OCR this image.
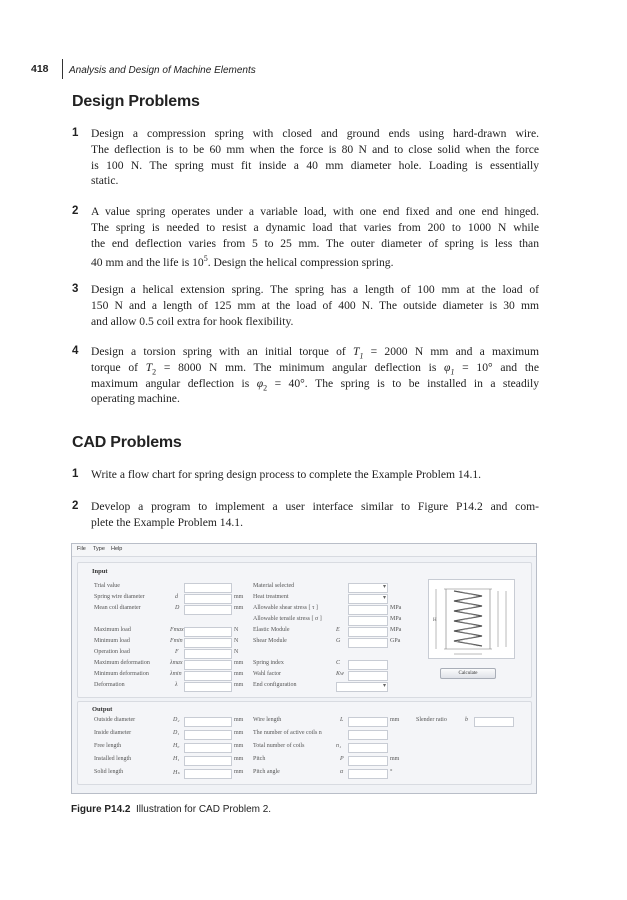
418 Analysis and Design of Machine Elements
Design Problems
1 Design a compression spring with closed and ground ends using hard-drawn wire.
The deflection is to be 60 mm when the force is 80 N and to close solid when the force
is 100 N. The spring must fit inside a 40 mm diameter hole. Loading is essentially
static.
2 A value spring operates under a variable load, with one end fixed and one end hinged.
The spring is needed to resist a dynamic load that varies from 200 to 1000 N while
the end deflection varies from 5 to 25 mm. The outer diameter of spring is less than
40 mm and the life is $10^5$. Design the helical compression spring.
3 Design a helical extension spring. The spring has a length of 100 mm at the load of
150 N and a length of 125 mm at the load of 400 N. The outside diameter is 30 mm
and allow 0.5 coil extra for hook flexibility.
4 Design a torsion spring with an initial torque of $T_1 = 2000$ N mm and a maximum
torque of $T_2 = 8000$ N mm. The minimum angular deflection is $\varphi_1 = 10^\circ$ and the
maximum angular deflection is $\varphi_2 = 40^\circ$. The spring is to be installed in a steadily
operating machine.
CAD Problems
1 Write a flow chart for spring design process to complete the Example Problem 14.1.
2 Develop a program to implement a user interface similar to Figure P14.2 and com-
plete the Example Problem 14.1.
File Type Help
Input
Trial value
Spring wire diameter	d	mm
Mean coil diameter	D	mm
Maximum load	Fmax	N
Minimum load	Fmin	N
Operation load	F	N
Maximum deformation	λmax	mm
Minimum deformation	λmin	mm
Deformation	λ	mm
Material selected
▾
Heat treatment
▾
Allowable shear stress [ τ ]	MPa
Allowable tensile stress [ σ ]	MPa
Elastic Module	E	MPa
Shear Module	G	GPa
Spring index	C
Wahl factor	Kw
End configuration
▾
H
Calculate
Output
Outside diameter	D₂	mm
Inside diameter	D₁	mm
Free length	H₀	mm
Installed length	H₁	mm
Solid length	Hₛ	mm
Wire length	L	mm
The number of active coils n
Total number of coils	n₁
Pitch	P	mm
Pitch angle	α	°
Slender ratio	b
Figure P14.2 Illustration for CAD Problem 2.
